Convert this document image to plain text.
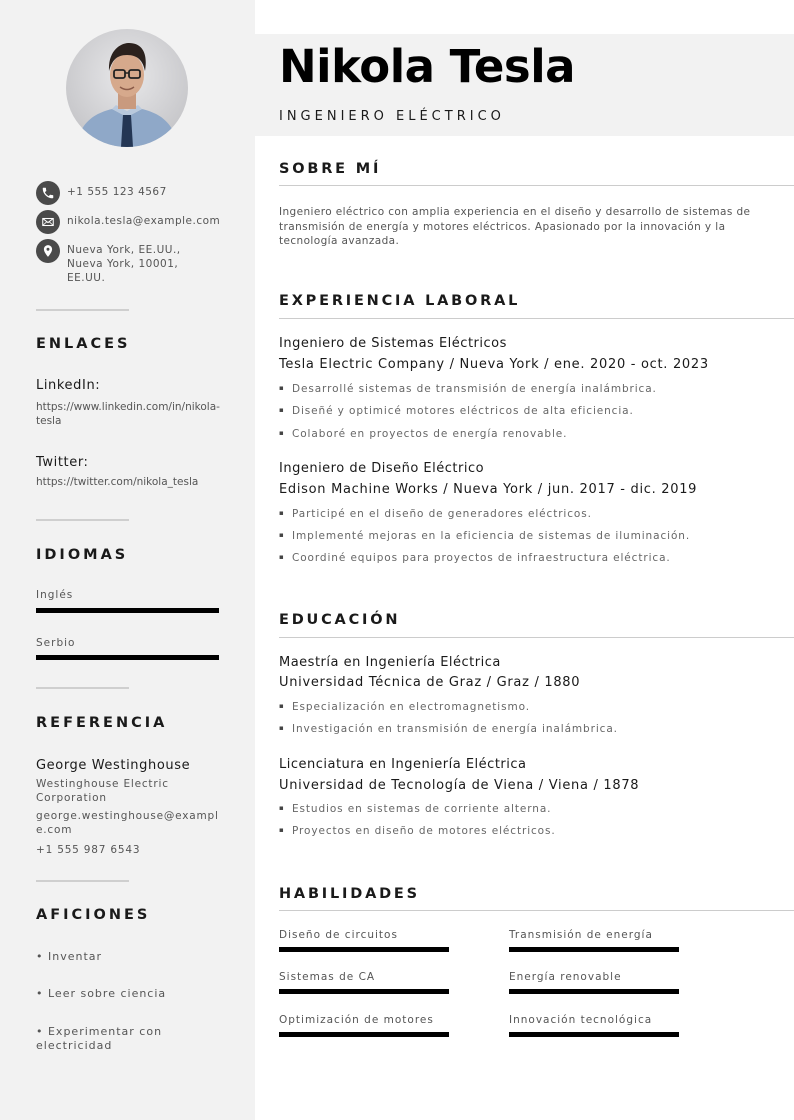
+1 555 123 4567
nikola.tesla@example.com
Nueva York, EE.UU.,
Nueva York, 10001,
EE.UU.
ENLACES
LinkedIn:
https://www.linkedin.com/in/nikola-tesla
Twitter:
https://twitter.com/nikola_tesla
IDIOMAS
Inglés
Serbio
REFERENCIA
George Westinghouse
Westinghouse Electric Corporation
george.westinghouse@example.com
+1 555 987 6543
AFICIONES
• Inventar
• Leer sobre ciencia
• Experimentar con electricidad
Nikola Tesla
INGENIERO ELÉCTRICO
SOBRE MÍ

Ingeniero eléctrico con amplia experiencia en el diseño y desarrollo de sistemas de transmisión de energía y motores eléctricos. Apasionado por la innovación y la tecnología avanzada.

EXPERIENCIA LABORAL
Ingeniero de Sistemas Eléctricos
Tesla Electric Company / Nueva York / ene. 2020 - oct. 2023
▪ Desarrollé sistemas de transmisión de energía inalámbrica.
▪ Diseñé y optimicé motores eléctricos de alta eficiencia.
▪ Colaboré en proyectos de energía renovable.
Ingeniero de Diseño Eléctrico
Edison Machine Works / Nueva York / jun. 2017 - dic. 2019
▪ Participé en el diseño de generadores eléctricos.
▪ Implementé mejoras en la eficiencia de sistemas de iluminación.
▪ Coordiné equipos para proyectos de infraestructura eléctrica.
EDUCACIÓN
Maestría en Ingeniería Eléctrica
Universidad Técnica de Graz / Graz / 1880
▪ Especialización en electromagnetismo.
▪ Investigación en transmisión de energía inalámbrica.
Licenciatura en Ingeniería Eléctrica
Universidad de Tecnología de Viena / Viena / 1878
▪ Estudios en sistemas de corriente alterna.
▪ Proyectos en diseño de motores eléctricos.
HABILIDADES
Diseño de circuitos	Transmisión de energía
Sistemas de CA	Energía renovable
Optimización de motores	Innovación tecnológica
